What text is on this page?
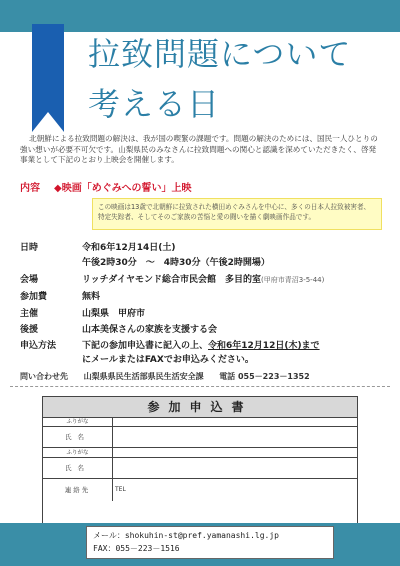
拉致問題について
考える日
北朝鮮による拉致問題の解決は、我が国の喫緊の課題です。問題の解決のためには、国民一人ひとりの強い想いが必要不可欠です。山梨県民のみなさんに拉致問題への関心と認識を深めていただきたく、啓発事業として下記のとおり上映会を開催します。
内容 ◆映画「めぐみへの誓い」上映
この映画は13歳で北朝鮮に拉致された横田めぐみさんを中心に、多くの日本人拉致被害者、特定失踪者、そしてそのご家族の苦悩と愛の闘いを描く劇映画作品です。
日時	令和6年12月14日(土)
午後2時30分　～　4時30分（午後2時開場）
会場	リッチダイヤモンド総合市民会館　多目的室(甲府市青沼3-5-44)
参加費	無料
主催	山梨県　甲府市
後援	山本美保さんの家族を支援する会
申込方法	下記の参加申込書に記入の上、令和6年12月12日(木)まで
にメールまたはFAXでお申込みください。
問い合わせ先 山梨県県民生活部県民生活安全課 電話 055－223－1352
参加申込書
ふりがな
氏名
ふりがな
氏名
連絡先	TEL
メール：shokuhin-st@pref.yamanashi.lg.jp
FAX：055－223－1516
